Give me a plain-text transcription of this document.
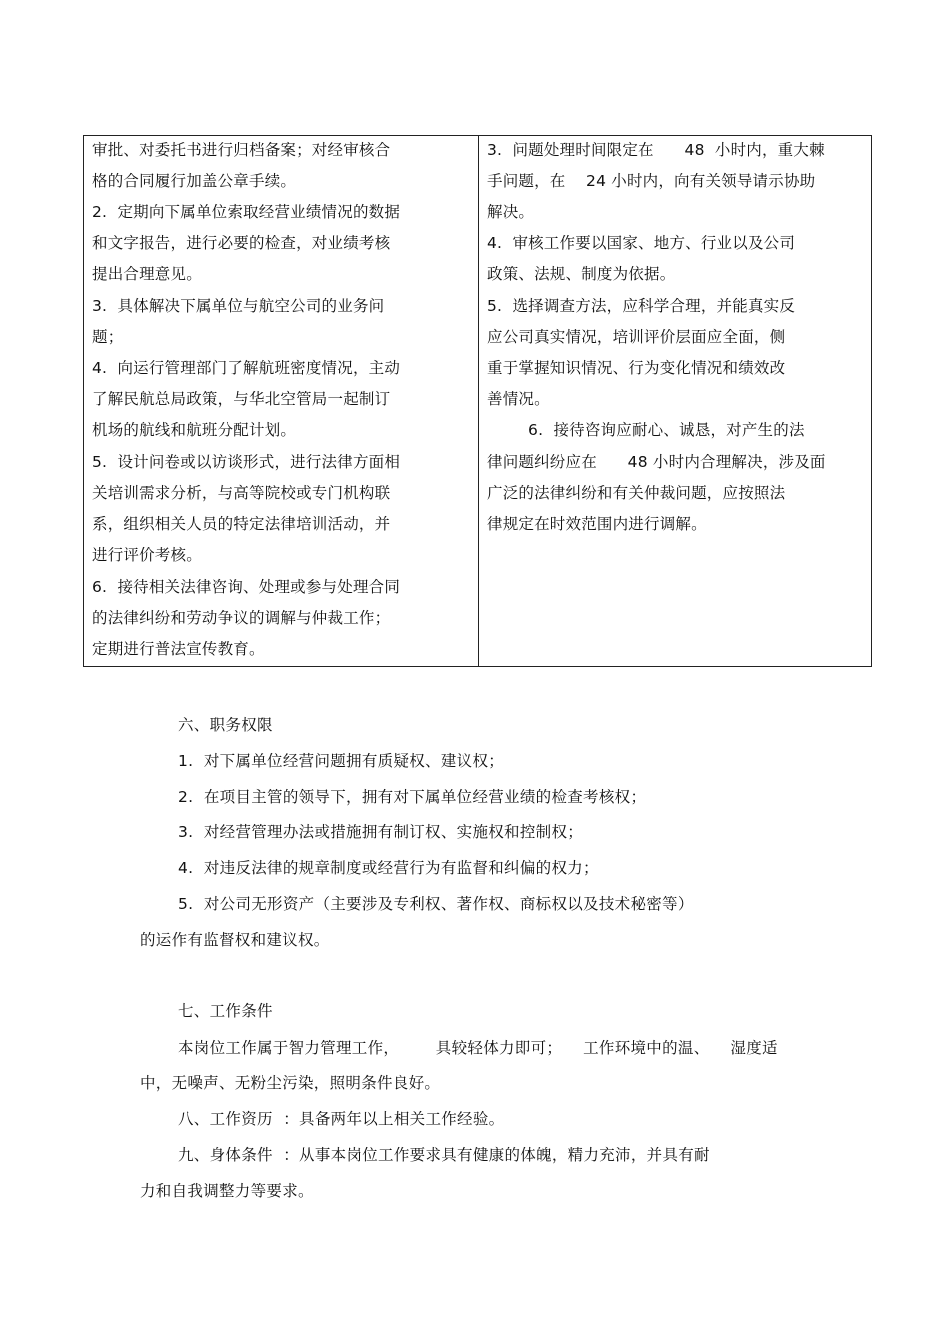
审批、对委托书进行归档备案；对经审核合
格的合同履行加盖公章手续。
2.  定期向下属单位索取经营业绩情况的数据
和文字报告，进行必要的检查，对业绩考核
提出合理意见。
3.  具体解决下属单位与航空公司的业务问
题；
4.  向运行管理部门了解航班密度情况，主动
了解民航总局政策，与华北空管局一起制订
机场的航线和航班分配计划。
5.  设计问卷或以访谈形式，进行法律方面相
关培训需求分析，与高等院校或专门机构联
系，组织相关人员的特定法律培训活动，并
进行评价考核。
6.  接待相关法律咨询、处理或参与处理合同
的法律纠纷和劳动争议的调解与仲裁工作；
定期进行普法宣传教育。
3.  问题处理时间限定在      48  小时内，重大棘
手问题，在    24 小时内，向有关领导请示协助
解决。
4.  审核工作要以国家、地方、行业以及公司
政策、法规、制度为依据。
5.  选择调查方法，应科学合理，并能真实反
应公司真实情况，培训评价层面应全面，侧
重于掌握知识情况、行为变化情况和绩效改
善情况。
6.  接待咨询应耐心、诚恳，对产生的法
律问题纠纷应在      48 小时内合理解决，涉及面
广泛的法律纠纷和有关仲裁问题，应按照法
律规定在时效范围内进行调解。
六、职务权限
1.  对下属单位经营问题拥有质疑权、建议权；
2.  在项目主管的领导下，拥有对下属单位经营业绩的检查考核权；
3.  对经营管理办法或措施拥有制订权、实施权和控制权；
4.  对违反法律的规章制度或经营行为有监督和纠偏的权力；
5.  对公司无形资产（主要涉及专利权、著作权、商标权以及技术秘密等）
的运作有监督权和建议权。
七、工作条件
本岗位工作属于智力管理工作，       具较轻体力即可；    工作环境中的温、    湿度适
中，无噪声、无粉尘污染，照明条件良好。
八、工作资历  ：具备两年以上相关工作经验。
九、身体条件  ：从事本岗位工作要求具有健康的体魄，精力充沛，并具有耐
力和自我调整力等要求。
